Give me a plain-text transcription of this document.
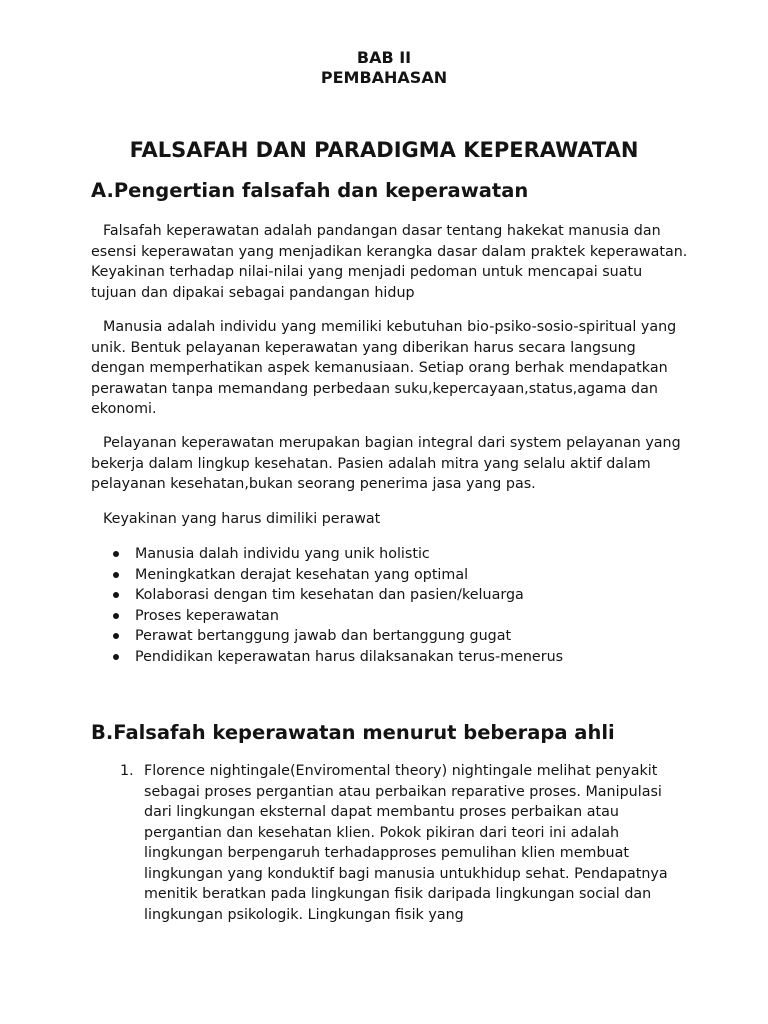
BAB II

PEMBAHASAN

FALSAFAH DAN PARADIGMA KEPERAWATAN
A.Pengertian falsafah dan keperawatan

Falsafah keperawatan adalah pandangan dasar tentang hakekat manusia dan esensi keperawatan yang menjadikan kerangka dasar dalam praktek keperawatan. Keyakinan terhadap nilai-nilai yang menjadi pedoman untuk mencapai suatu tujuan dan dipakai sebagai pandangan hidup

Manusia adalah individu yang memiliki kebutuhan bio-psiko-sosio-spiritual yang unik. Bentuk pelayanan keperawatan yang diberikan harus secara langsung dengan memperhatikan aspek kemanusiaan. Setiap orang berhak mendapatkan perawatan tanpa memandang perbedaan suku,kepercayaan,status,agama dan ekonomi.

Pelayanan keperawatan merupakan bagian integral dari system pelayanan yang bekerja dalam lingkup kesehatan. Pasien adalah mitra yang selalu aktif dalam pelayanan kesehatan,bukan seorang penerima jasa yang pas.

Keyakinan yang harus dimiliki perawat

Manusia dalah individu yang unik holistic
Meningkatkan derajat kesehatan yang optimal
Kolaborasi dengan tim kesehatan dan pasien/keluarga
Proses keperawatan
Perawat bertanggung jawab dan bertanggung gugat
Pendidikan keperawatan harus dilaksanakan terus-menerus
B.Falsafah keperawatan menurut beberapa ahli
1. Florence nightingale(Enviromental theory) nightingale melihat penyakit sebagai proses pergantian atau perbaikan reparative proses. Manipulasi dari lingkungan eksternal dapat membantu proses perbaikan atau pergantian dan kesehatan klien. Pokok pikiran dari teori ini adalah lingkungan berpengaruh terhadapproses pemulihan klien membuat lingkungan yang konduktif bagi manusia untukhidup sehat. Pendapatnya menitik beratkan pada lingkungan fisik daripada lingkungan social dan lingkungan psikologik. Lingkungan fisik yang
